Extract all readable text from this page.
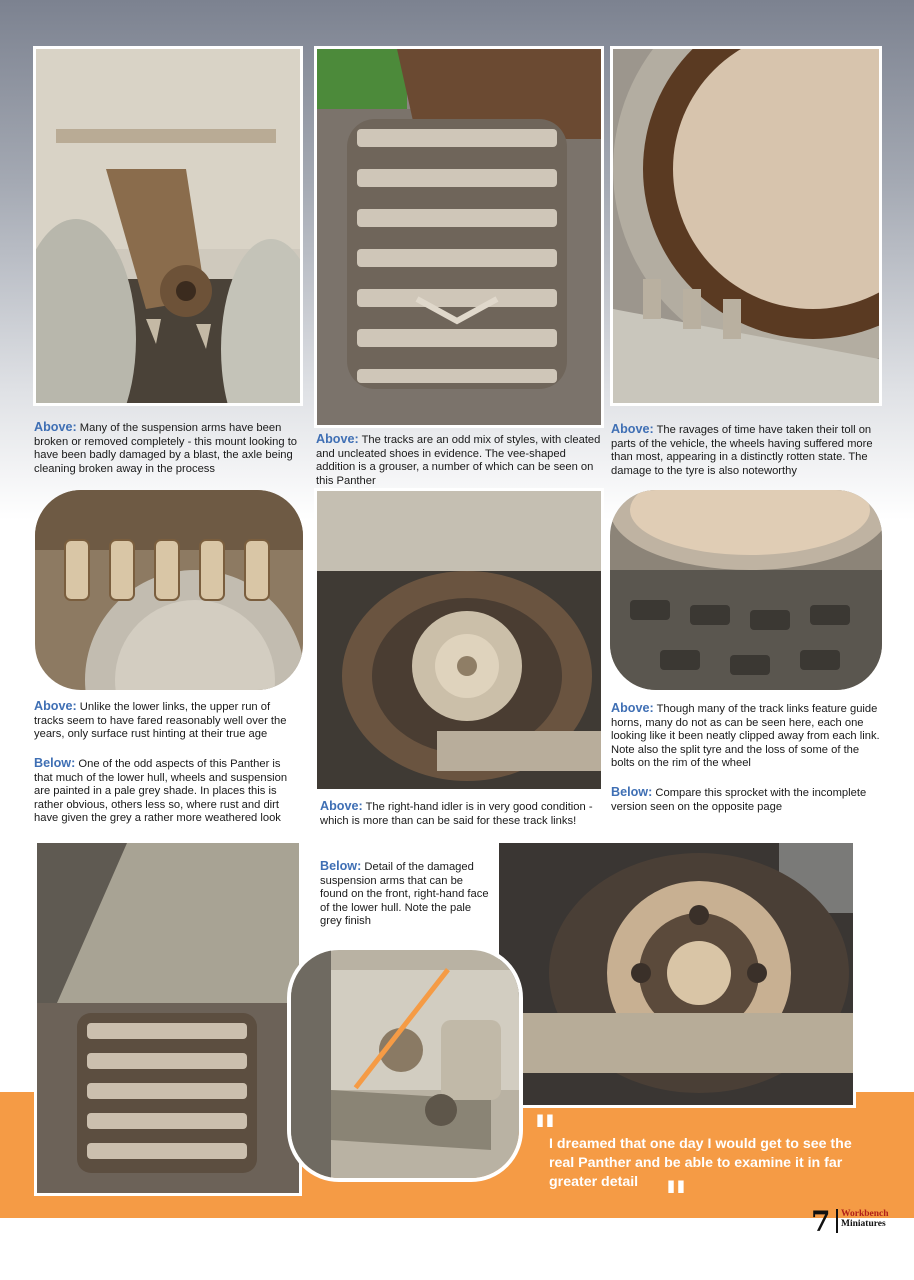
Above: Many of the suspension arms have been broken or removed completely - this mount looking to have been badly damaged by a blast, the axle being cleaning broken away in the process
Above: The tracks are an odd mix of styles, with cleated and uncleated shoes in evidence. The vee-shaped addition is a grouser, a number of which can be seen on this Panther
Above: The ravages of time have taken their toll on parts of the vehicle, the wheels having suffered more than most, appearing in a distinctly rotten state. The damage to the tyre is also noteworthy
Above: Unlike the lower links, the upper run of tracks seem to have fared reasonably well over the years, only surface rust hinting at their true age
Below: One of the odd aspects of this Panther is that much of the lower hull, wheels and suspension are painted in a pale grey shade. In places this is rather obvious, others less so, where rust and dirt have given the grey a rather more weathered look
Above: The right-hand idler is in very good condition - which is more than can be said for these track links!
Above: Though many of the track links feature guide horns, many do not as can be seen here, each one looking like it been neatly clipped away from each link. Note also the split tyre and the loss of some of the bolts on the rim of the wheel
Below: Compare this sprocket with the incomplete version seen on the opposite page
Below: Detail of the damaged suspension arms that can be found on the front, right-hand face of the lower hull. Note the pale grey finish
"
I dreamed that one day I would get to see the real Panther and be able to examine it in far greater detail "	7 Workbench
Miniatures
